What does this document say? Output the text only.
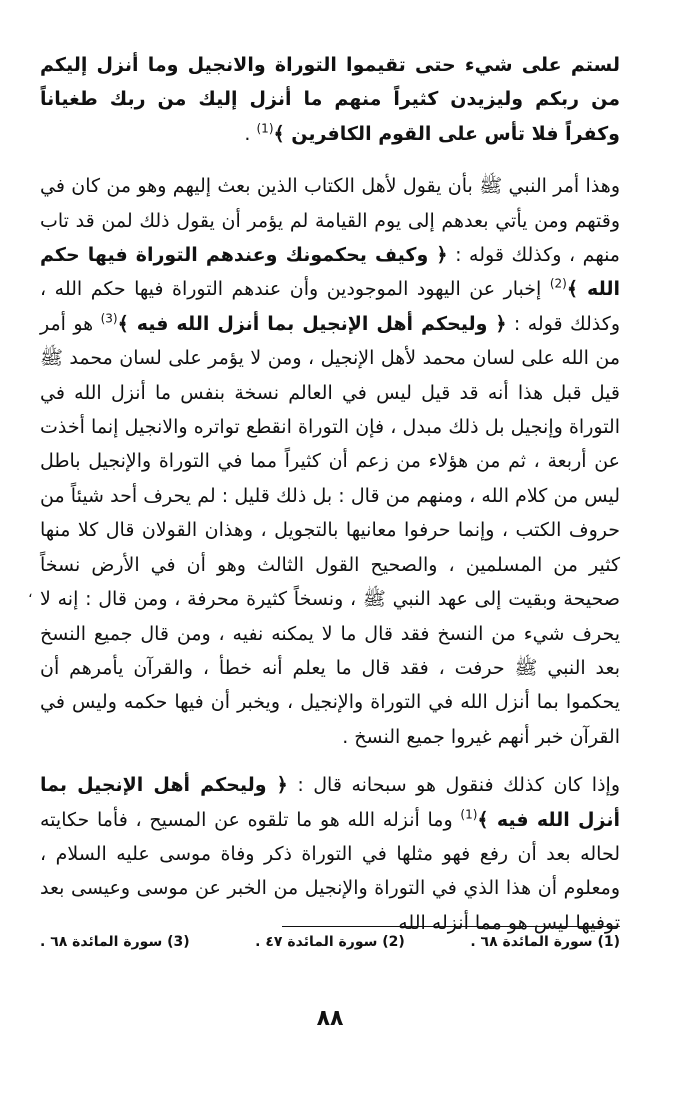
لستم على شيء حتى تقيموا التوراة والانجيل وما أنزل إليكم من ربكم وليزيدن كثيراً منهم ما أنزل إليك من ربك طغياناً وكفراً فلا تأس على القوم الكافرين ﴾$^{(1)}$ .

وهذا أمر النبي ﷺ بأن يقول لأهل الكتاب الذين بعث إليهم وهو من كان في وقتهم ومن يأتي بعدهم إلى يوم القيامة لم يؤمر أن يقول ذلك لمن قد تاب منهم ، وكذلك قوله : ﴿ وكيف يحكمونك وعندهم التوراة فيها حكم الله ﴾$^{(2)}$ إخبار عن اليهود الموجودين وأن عندهم التوراة فيها حكم الله ، وكذلك قوله : ﴿ وليحكم أهل الإنجيل بما أنزل الله فيه ﴾$^{(3)}$ هو أمر من الله على لسان محمد لأهل الإنجيل ، ومن لا يؤمر على لسان محمد ﷺ قيل قبل هذا أنه قد قيل ليس في العالم نسخة بنفس ما أنزل الله في التوراة وإنجيل بل ذلك مبدل ، فإن التوراة انقطع تواتره والانجيل إنما أخذت عن أربعة ، ثم من هؤلاء من زعم أن كثيراً مما في التوراة والإنجيل باطل ليس من كلام الله ، ومنهم من قال : بل ذلك قليل : لم يحرف أحد شيئاً من حروف الكتب ، وإنما حرفوا معانيها بالتجويل ، وهذان القولان قال كلا منها كثير من المسلمين ، والصحيح القول الثالث وهو أن في الأرض نسخاً صحيحة وبقيت إلى عهد النبي ﷺ ، ونسخاً كثيرة محرفة ، ومن قال : إنه لا يحرف شيء من النسخ فقد قال ما لا يمكنه نفيه ، ومن قال جميع النسخ بعد النبي ﷺ حرفت ، فقد قال ما يعلم أنه خطأ ، والقرآن يأمرهم أن يحكموا بما أنزل الله في التوراة والإنجيل ، ويخبر أن فيها حكمه وليس في القرآن خبر أنهم غيروا جميع النسخ .

وإذا كان كذلك فنقول هو سبحانه قال : ﴿ وليحكم أهل الإنجيل بما أنزل الله فيه ﴾$^{(1)}$ وما أنزله الله هو ما تلقوه عن المسيح ، فأما حكايته لحاله بعد أن رفع فهو مثلها في التوراة ذكر وفاة موسى عليه السلام ، ومعلوم أن هذا الذي في التوراة والإنجيل من الخبر عن موسى وعيسى بعد توفيها ليس هو مما أنزله الله

(1) سورة المائدة ٦٨ .
(2) سورة المائدة ٤٧ .
(3) سورة المائدة ٦٨ .
٨٨
،
